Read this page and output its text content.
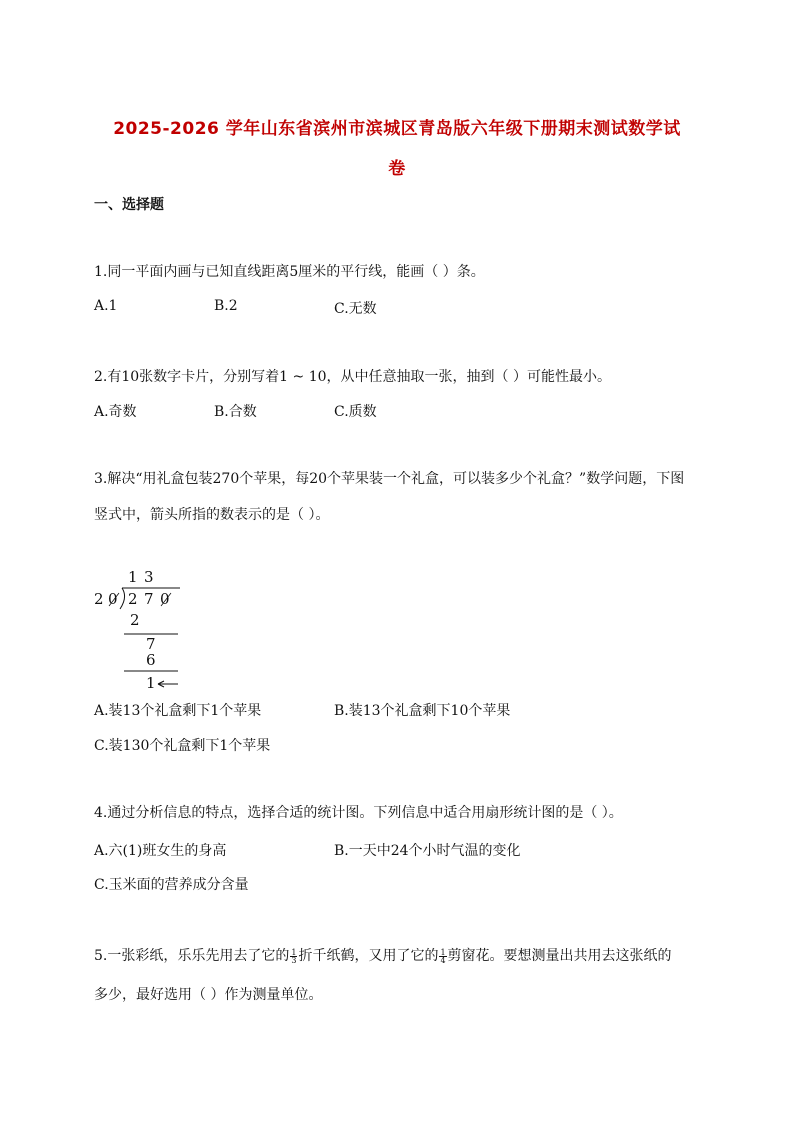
2025-2026 学年山东省滨州市滨城区青岛版六年级下册期末测试数学试
卷
一、选择题
1.同一平面内画与已知直线距离5厘米的平行线，能画（ ）条。
A.1	B.2	C.无数
2.有10张数字卡片，分别写着1 ~ 10，从中任意抽取一张，抽到（ ）可能性最小。
A.奇数	B.合数	C.质数
3.解决“用礼盒包装270个苹果，每20个苹果装一个礼盒，可以装多少个礼盒？”数学问题，下图
竖式中，箭头所指的数表示的是（ ）。
1 3
2 0 2 7 0
2
7
6
1
A.装13个礼盒剩下1个苹果	B.装13个礼盒剩下10个苹果
C.装130个礼盒剩下1个苹果
4.通过分析信息的特点，选择合适的统计图。下列信息中适合用扇形统计图的是（ ）。
A.六(1)班女生的身高	B.一天中24个小时气温的变化
C.玉米面的营养成分含量
5.一张彩纸，乐乐先用去了它的 $\frac{1}{3}$ 折千纸鹤，又用了它的 $\frac{1}{4}$ 剪窗花。要想测量出共用去这张纸的
多少，最好选用（ ）作为测量单位。
